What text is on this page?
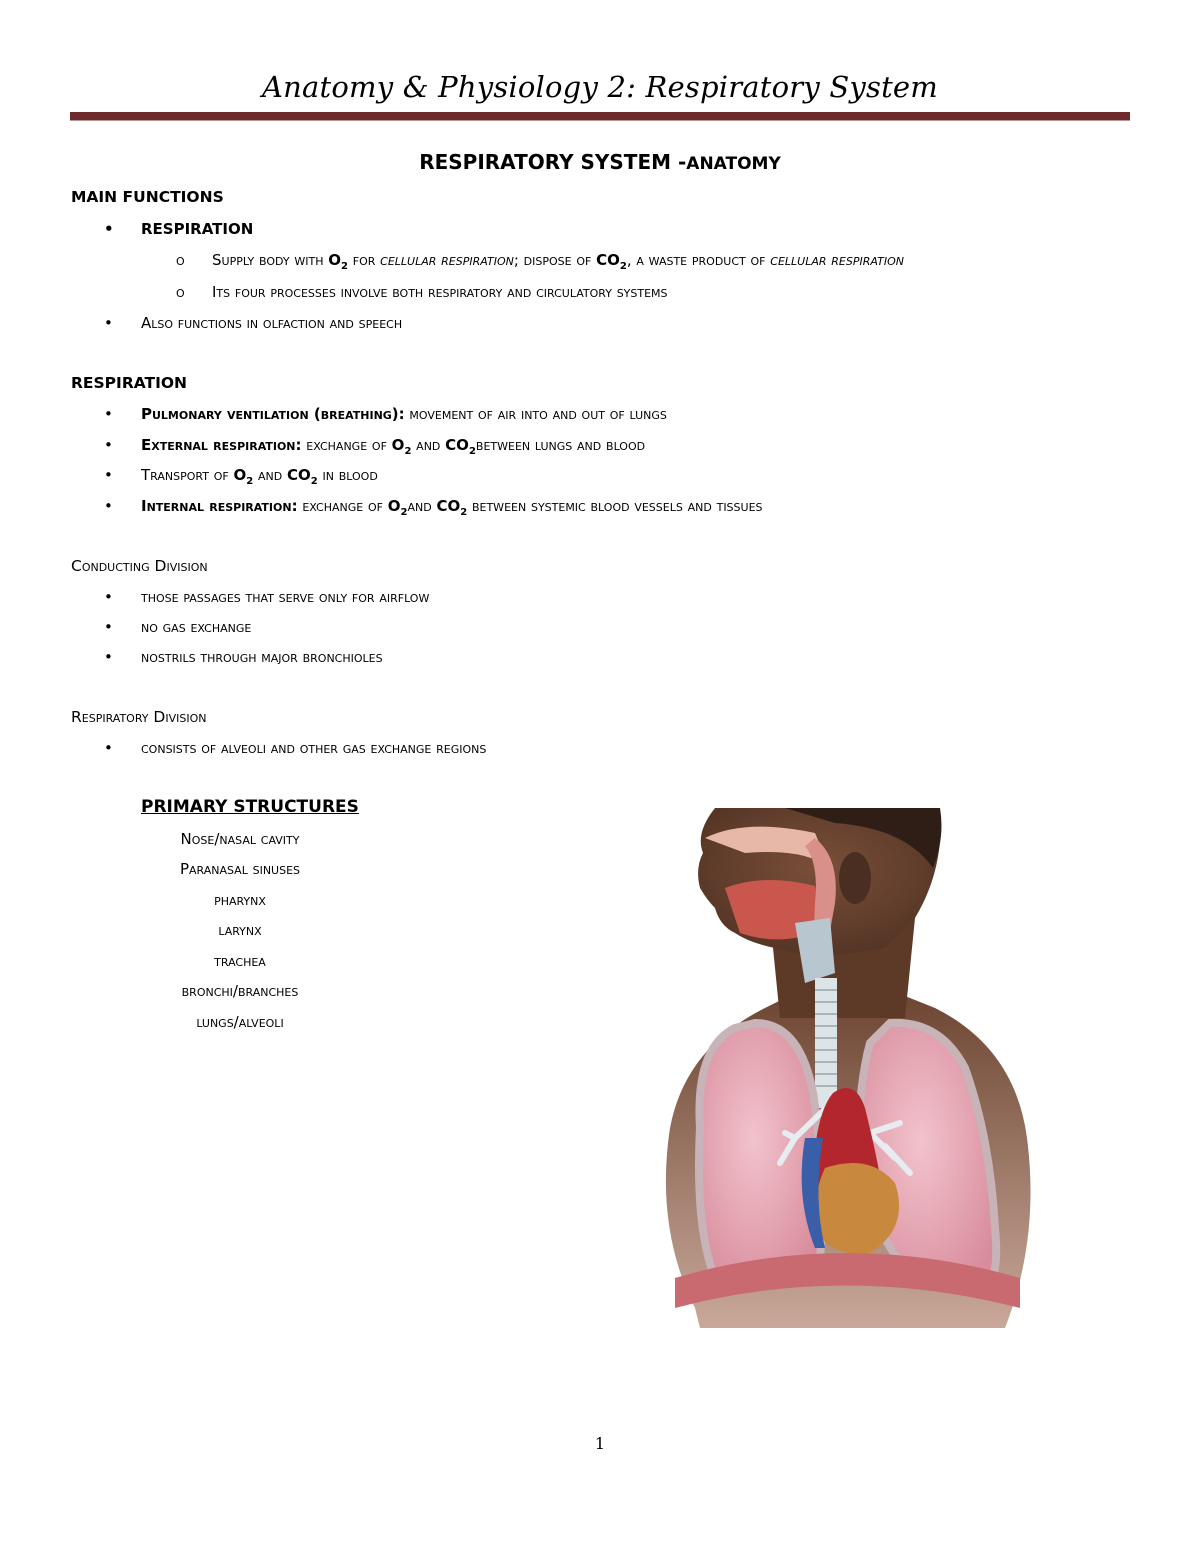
Anatomy & Physiology 2: Respiratory System
RESPIRATORY SYSTEM -ANATOMY
MAIN FUNCTIONS
• RESPIRATION
o Supply body with $O_2$ for cellular respiration; dispose of $CO_2$, a waste product of cellular respiration
o Its four processes involve both respiratory and circulatory systems
• Also functions in olfaction and speech
RESPIRATION
• Pulmonary ventilation (breathing): movement of air into and out of lungs
• External respiration: exchange of $O_2$ and $CO_2between$ lungs and blood
• Transport of $O_2$ and $CO_2$ in blood
• Internal respiration: exchange of $O_2and$ $CO_2$ between systemic blood vessels and tissues
Conducting Division
• those passages that serve only for airflow
• no gas exchange
• nostrils through major bronchioles
Respiratory Division
• consists of alveoli and other gas exchange regions
PRIMARY STRUCTURES
Nose/nasal cavity
Paranasal sinuses
pharynx
larynx
trachea
bronchi/branches
lungs/alveoli
1
